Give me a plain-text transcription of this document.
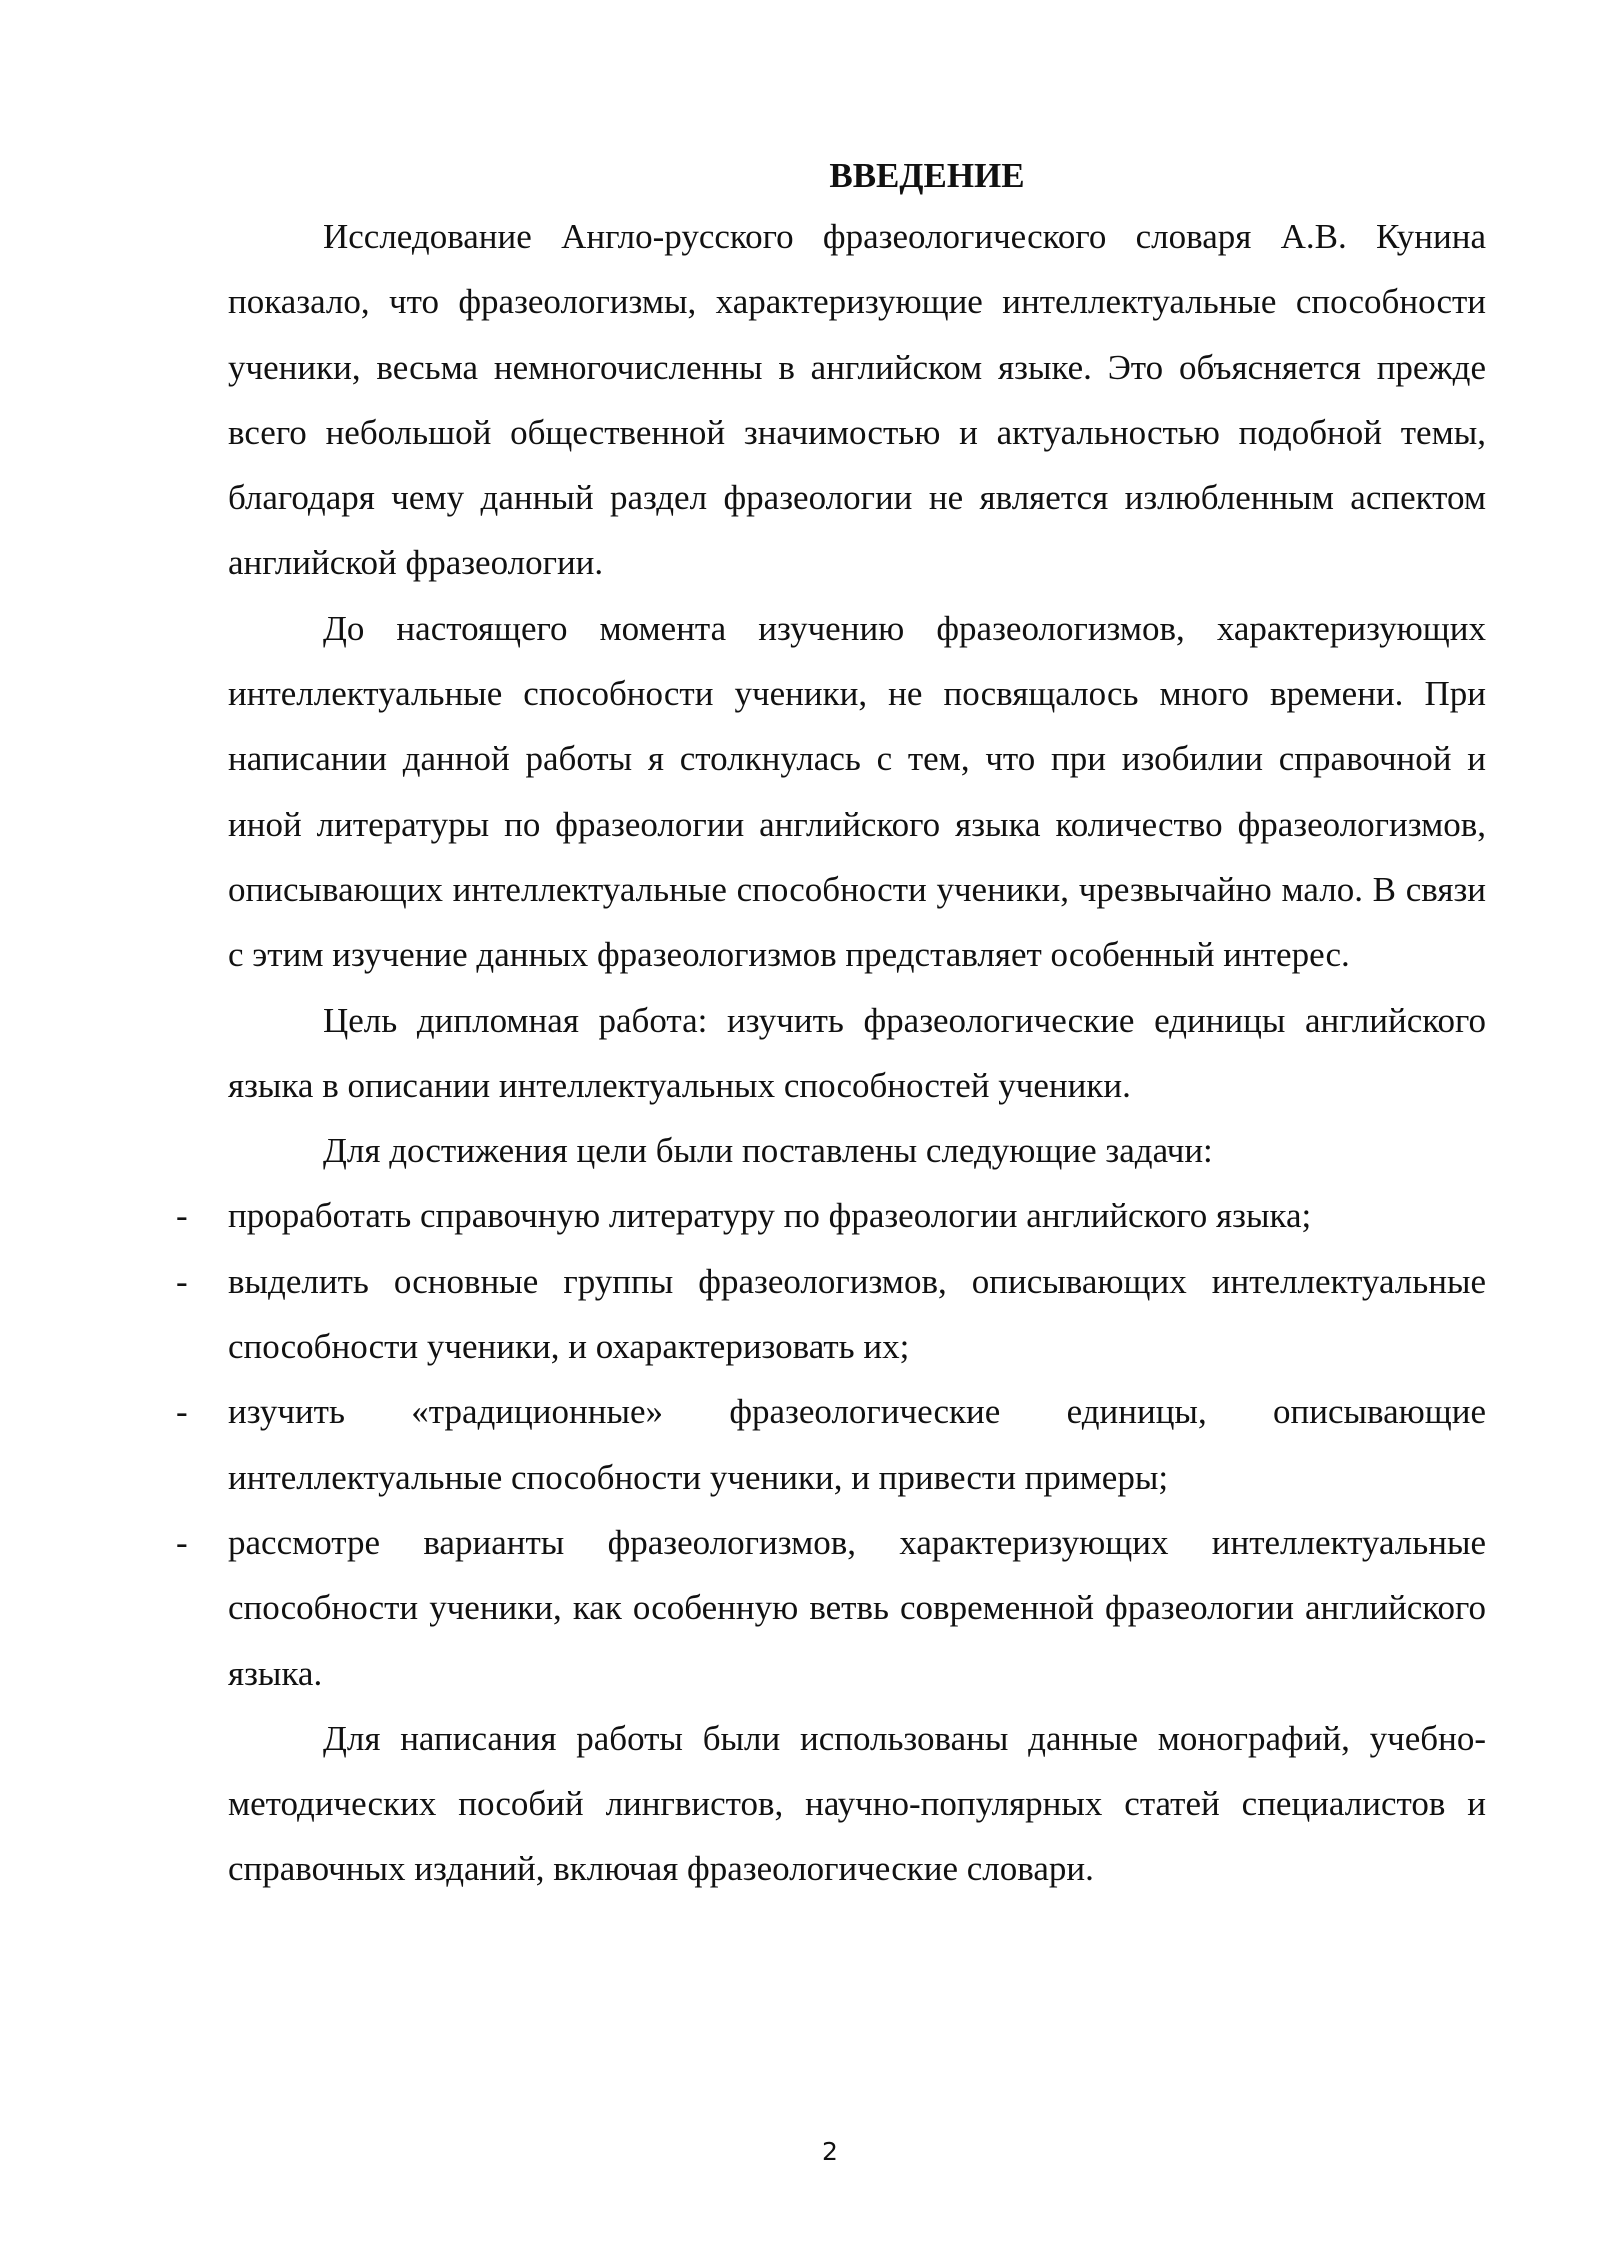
ВВЕДЕНИЕ

Исследование Англо-русского фразеологического словаря А.В. Кунина показало, что фразеологизмы, характеризующие интеллектуальные способности ученики, весьма немногочисленны в английском языке. Это объясняется прежде всего небольшой общественной значимостью и актуальностью подобной темы, благодаря чему данный раздел фразеологии не является излюбленным аспектом английской фразеологии.

До настоящего момента изучению фразеологизмов, характеризующих интеллектуальные способности ученики, не посвящалось много времени. При написании данной работы я столкнулась с тем, что при изобилии справочной и иной литературы по фразеологии английского языка количество фразеологизмов, описывающих интеллектуальные способности ученики, чрезвычайно мало. В связи с этим изучение данных фразеологизмов представляет особенный интерес.

Цель дипломная работа: изучить фразеологические единицы английского языка в описании интеллектуальных способностей ученики.

Для достижения цели были поставлены следующие задачи:

- проработать справочную литературу по фразеологии английского языка;
- выделить основные группы фразеологизмов, описывающих интеллектуальные способности ученики, и охарактеризовать их;
- изучить «традиционные» фразеологические единицы, описывающие интеллектуальные способности ученики, и привести примеры;
- рассмотре варианты фразеологизмов, характеризующих интеллектуальные способности ученики, как особенную ветвь современной фразеологии английского языка.

Для написания работы были использованы данные монографий, учебно-методических пособий лингвистов, научно-популярных статей специалистов и справочных изданий, включая фразеологические словари.

2
